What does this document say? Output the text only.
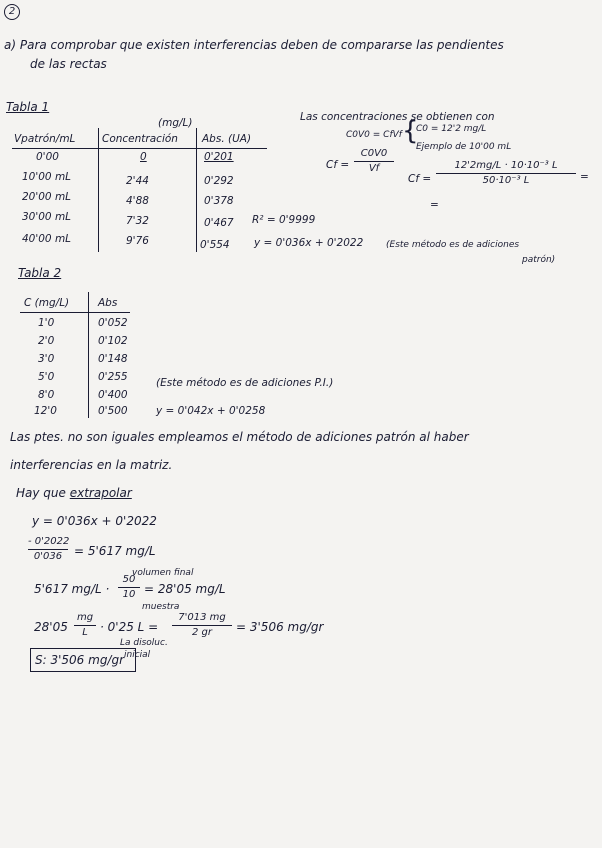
2
a) Para comprobar que existen interferencias deben de compararse las pendientes
de las rectas
Tabla 1
(mg/L)
Vpatrón/mL	Concentración Abs. (UA)
0'00	0	0'201
10'00 mL	2'44	0'292
20'00 mL	4'88	0'378
30'00 mL	7'32	0'467
40'00 mL	9'76	0'554
R² = 0'9999
y = 0'036x + 0'2022	(Este método es de adiciones
patrón)
Las concentraciones se obtienen con
C0V0 = CfVf {
C0 = 12'2 mg/L
Ejemplo de 10'00 mL
Cf =
C0V0
Vf
Cf =
12'2mg/L · 10·10⁻³ L
50·10⁻³ L	=
=
Tabla 2
C (mg/L)	Abs
1'0	0'052
2'0	0'102
3'0	0'148
5'0	0'255
8'0	0'400
12'0	0'500
(Este método es de adiciones P.I.)
y = 0'042x + 0'0258
Las ptes. no son iguales empleamos el método de adiciones patrón al haber
interferencias en la matriz.
Hay que extrapolar
y = 0'036x + 0'2022
- 0'2022
0'036 = 5'617 mg/L
volumen final
5'617 mg/L ·
50
10 = 28'05 mg/L
muestra
28'05
mg
L	· 0'25 L =
7'013 mg
2 gr	= 3'506 mg/gr
La disoluc.
inicial
S: 3'506 mg/gr
